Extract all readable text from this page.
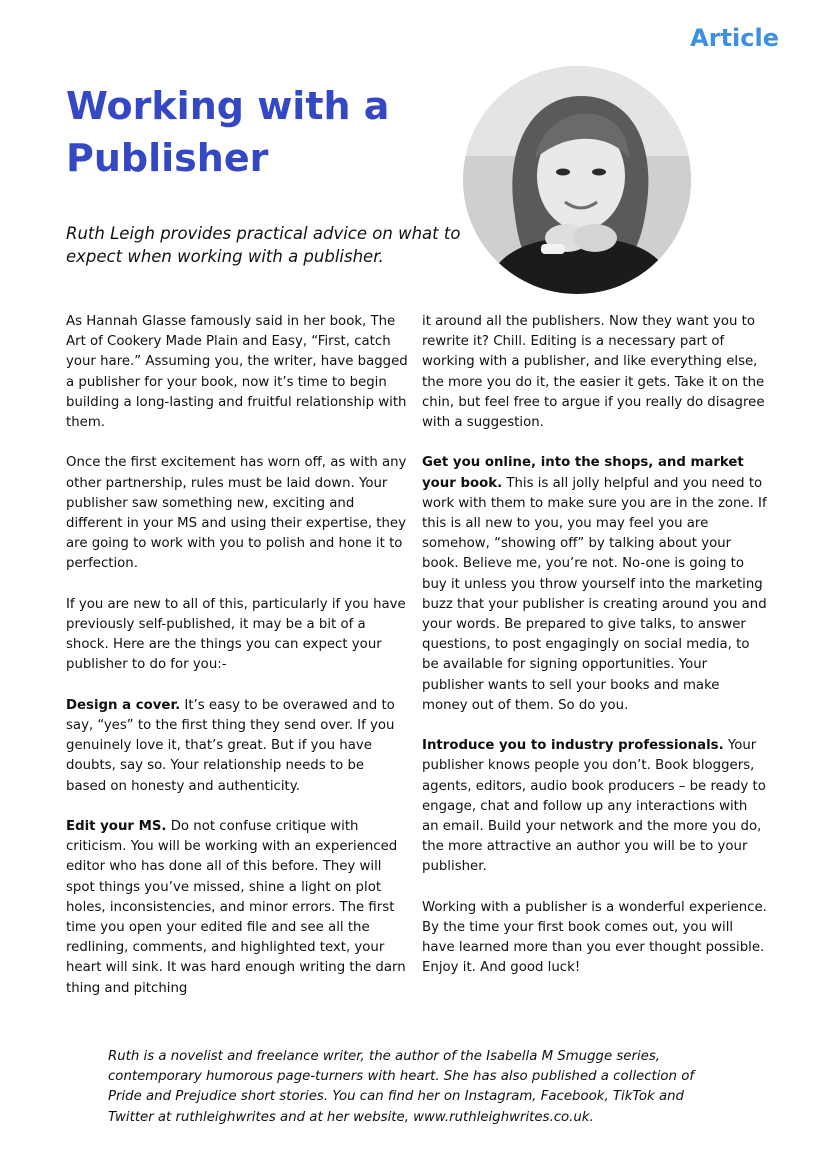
Article
Working with a Publisher

Ruth Leigh provides practical advice on what to expect when working with a publisher.

As Hannah Glasse famously said in her book, The Art of Cookery Made Plain and Easy, “First, catch your hare.” Assuming you, the writer, have bagged a publisher for your book, now it’s time to begin building a long-lasting and fruitful relationship with them.

Once the first excitement has worn off, as with any other partnership, rules must be laid down. Your publisher saw something new, exciting and different in your MS and using their expertise, they are going to work with you to polish and hone it to perfection.

If you are new to all of this, particularly if you have previously self-published, it may be a bit of a shock. Here are the things you can expect your publisher to do for you:-

Design a cover. It’s easy to be overawed and to say, “yes” to the first thing they send over. If you genuinely love it, that’s great. But if you have doubts, say so. Your relationship needs to be based on honesty and authenticity.

Edit your MS. Do not confuse critique with criticism. You will be working with an experienced editor who has done all of this before. They will spot things you’ve missed, shine a light on plot holes, inconsistencies, and minor errors. The first time you open your edited file and see all the redlining, comments, and highlighted text, your heart will sink. It was hard enough writing the darn thing and pitching

it around all the publishers. Now they want you to rewrite it? Chill. Editing is a necessary part of working with a publisher, and like everything else, the more you do it, the easier it gets. Take it on the chin, but feel free to argue if you really do disagree with a suggestion.

Get you online, into the shops, and market your book. This is all jolly helpful and you need to work with them to make sure you are in the zone. If this is all new to you, you may feel you are somehow, “showing off” by talking about your book. Believe me, you’re not. No-one is going to buy it unless you throw yourself into the marketing buzz that your publisher is creating around you and your words. Be prepared to give talks, to answer questions, to post engagingly on social media, to be available for signing opportunities. Your publisher wants to sell your books and make money out of them. So do you.

Introduce you to industry professionals. Your publisher knows people you don’t. Book bloggers, agents, editors, audio book producers – be ready to engage, chat and follow up any interactions with an email. Build your network and the more you do, the more attractive an author you will be to your publisher.

Working with a publisher is a wonderful experience. By the time your first book comes out, you will have learned more than you ever thought possible. Enjoy it. And good luck!

Ruth is a novelist and freelance writer, the author of the Isabella M Smugge series, contemporary humorous page-turners with heart. She has also published a collection of Pride and Prejudice short stories. You can find her on Instagram, Facebook, TikTok and Twitter at ruthleighwrites and at her website, www.ruthleighwrites.co.uk.
